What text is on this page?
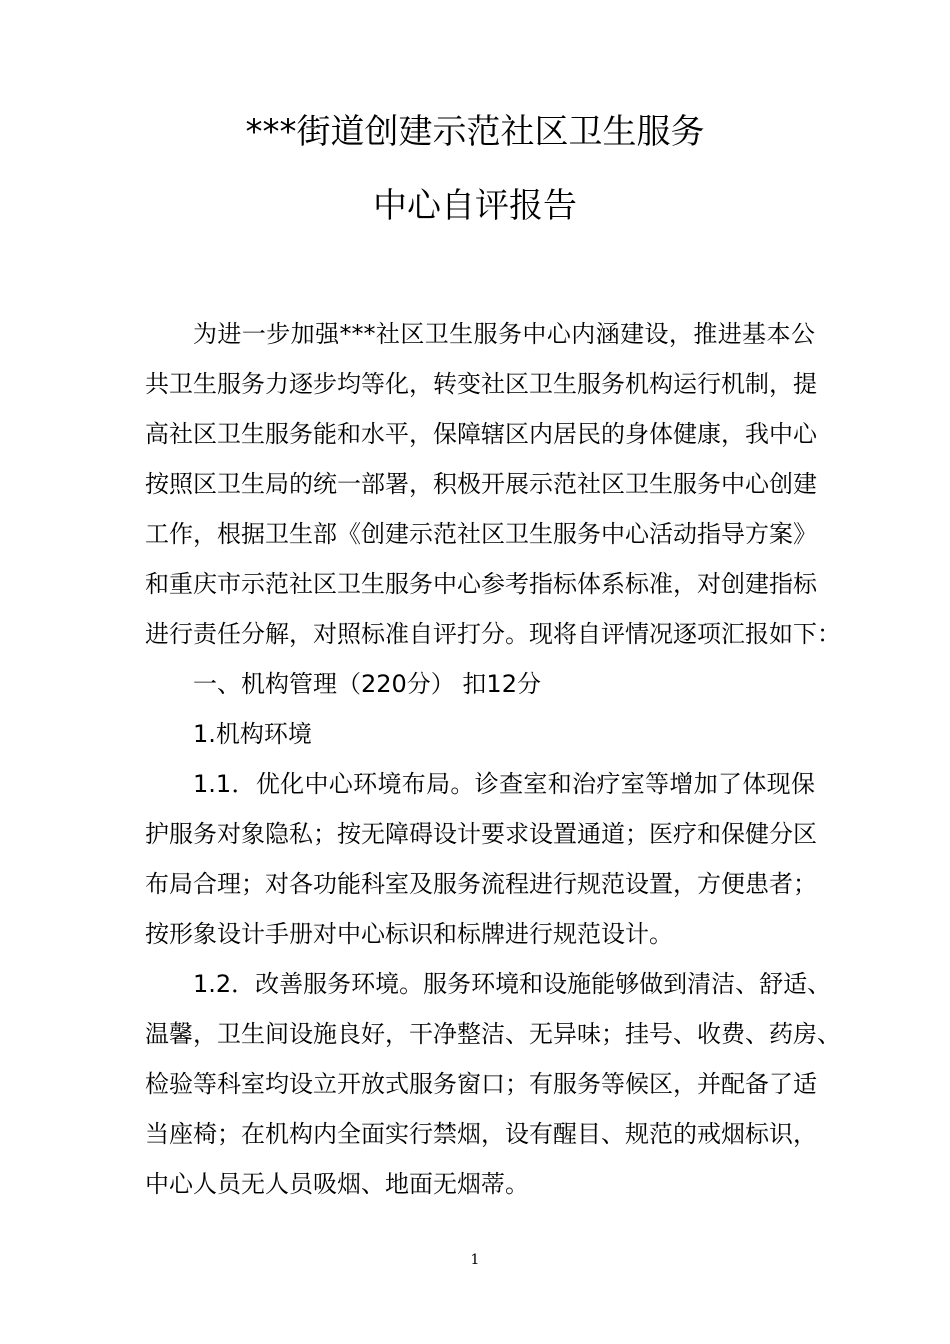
***街道创建示范社区卫生服务
中心自评报告
为进一步加强***社区卫生服务中心内涵建设，推进基本公
共卫生服务力逐步均等化，转变社区卫生服务机构运行机制，提
高社区卫生服务能和水平，保障辖区内居民的身体健康，我中心
按照区卫生局的统一部署，积极开展示范社区卫生服务中心创建
工作，根据卫生部《创建示范社区卫生服务中心活动指导方案》
和重庆市示范社区卫生服务中心参考指标体系标准，对创建指标
进行责任分解，对照标准自评打分。现将自评情况逐项汇报如下：
一、机构管理（220分） 扣12分
1.机构环境
1.1．优化中心环境布局。诊查室和治疗室等增加了体现保
护服务对象隐私；按无障碍设计要求设置通道；医疗和保健分区
布局合理；对各功能科室及服务流程进行规范设置，方便患者；
按形象设计手册对中心标识和标牌进行规范设计。
1.2．改善服务环境。服务环境和设施能够做到清洁、舒适、
温馨，卫生间设施良好，干净整洁、无异味；挂号、收费、药房、
检验等科室均设立开放式服务窗口；有服务等候区，并配备了适
当座椅；在机构内全面实行禁烟，设有醒目、规范的戒烟标识，
中心人员无人员吸烟、地面无烟蒂。
1
